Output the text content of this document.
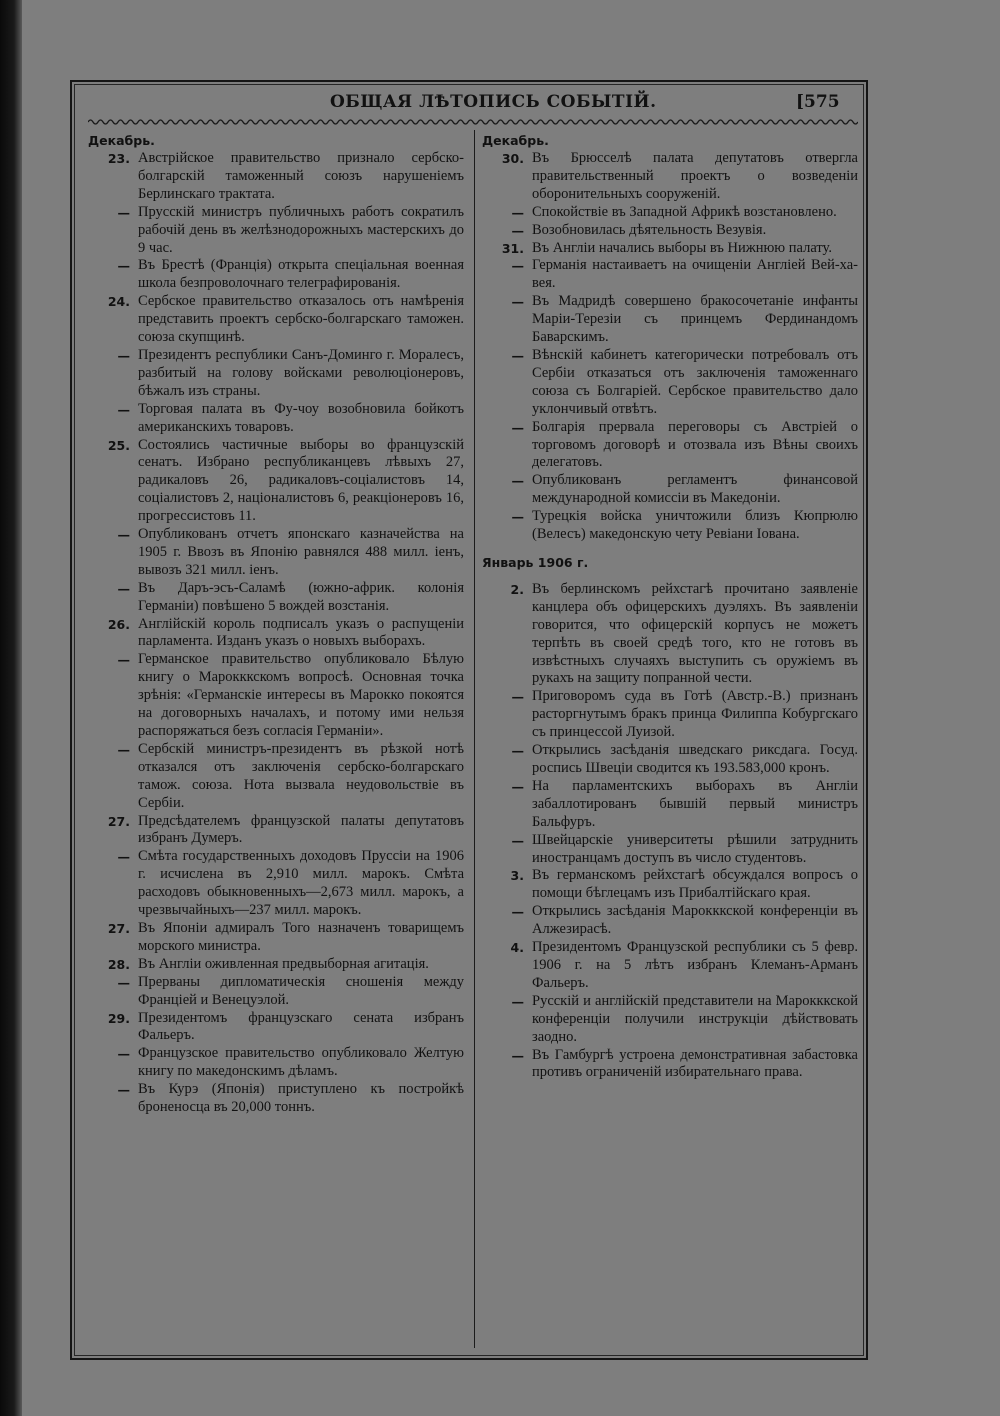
ОБЩАЯ ЛѢТОПИСЬ СОБЫТІЙ.	[575
Декабрь.
23. Австрійское правительство признало сербско-болгарскій таможенный союзъ нарушеніемъ Берлинскаго трактата.
— Прусскій министръ публичныхъ работъ сократилъ рабочій день въ желѣзнодорожныхъ мастерскихъ до 9 час.
— Въ Брестѣ (Франція) открыта спеціальная военная школа безпроволочнаго телеграфированія.
24. Сербское правительство отказалось отъ намѣренія представить проектъ сербско-болгарскаго таможен. союза скупщинѣ.
— Президентъ республики Санъ-Доминго г. Моралесъ, разбитый на голову войсками революціонеровъ, бѣжалъ изъ страны.
— Торговая палата въ Фу-чоу возобновила бойкотъ американскихъ товаровъ.
25. Состоялись частичные выборы во французскій сенатъ. Избрано республиканцевъ лѣвыхъ 27, радикаловъ 26, радикаловъ-соціалистовъ 14, соціалистовъ 2, націоналистовъ 6, реакціонеровъ 16, прогрессистовъ 11.
— Опубликованъ отчетъ японскаго казначейства на 1905 г. Ввозъ въ Японію равнялся 488 милл. іенъ, вывозъ 321 милл. іенъ.
— Въ Даръ-эсъ-Саламѣ (южно-африк. колонія Германіи) повѣшено 5 вождей возстанія.
26. Англійскій король подписалъ указъ о распущеніи парламента. Изданъ указъ о новыхъ выборахъ.
— Германское правительство опубликовало Бѣлую книгу о Марокккскомъ вопросѣ. Основная точка зрѣнія: «Германскіе интересы въ Марокко покоятся на договорныхъ началахъ, и потому ими нельзя распоряжаться безъ согласія Германіи».
— Сербскій министръ-президентъ въ рѣзкой нотѣ отказался отъ заключенія сербско-болгарскаго тамож. союза. Нота вызвала неудовольствіе въ Сербіи.
27. Предсѣдателемъ французской палаты депутатовъ избранъ Думеръ.
— Смѣта государственныхъ доходовъ Пруссіи на 1906 г. исчислена въ 2,910 милл. марокъ. Смѣта расходовъ обыкновенныхъ—2,673 милл. марокъ, а чрезвычайныхъ—237 милл. марокъ.
27. Въ Японіи адмиралъ Того назначенъ товарищемъ морского министра.
28. Въ Англіи оживленная предвыборная агитація.
— Прерваны дипломатическія сношенія между Франціей и Венецуэлой.
29. Президентомъ французскаго сената избранъ Фальеръ.
— Французское правительство опубликовало Желтую книгу по македонскимъ дѣламъ.
— Въ Курэ (Японія) приступлено къ постройкѣ броненосца въ 20,000 тоннъ.
Декабрь.
30. Въ Брюсселѣ палата депутатовъ отвергла правительственный проектъ о возведеніи оборонительныхъ сооруженій.
— Спокойствіе въ Западной Африкѣ возстановлено.
— Возобновилась дѣятельность Везувія.
31. Въ Англіи начались выборы въ Нижнюю палату.
— Германія настаиваетъ на очищеніи Англіей Вей-ха-вея.
— Въ Мадридѣ совершено бракосочетаніе инфанты Маріи-Терезіи съ принцемъ Фердинандомъ Баварскимъ.
— Вѣнскій кабинетъ категорически потребовалъ отъ Сербіи отказаться отъ заключенія таможеннаго союза съ Болгаріей. Сербское правительство дало уклончивый отвѣтъ.
— Болгарія прервала переговоры съ Австріей о торговомъ договорѣ и отозвала изъ Вѣны своихъ делегатовъ.
— Опубликованъ регламентъ финансовой международной комиссіи въ Македоніи.
— Турецкія войска уничтожили близъ Кюпрюлю (Велесъ) македонскую чету Ревіани Іована.
Январь 1906 г.
2. Въ берлинскомъ рейхстагѣ прочитано заявленіе канцлера объ офицерскихъ дуэляхъ. Въ заявленіи говорится, что офицерскій корпусъ не можетъ терпѣть въ своей средѣ того, кто не готовъ въ извѣстныхъ случаяхъ выступить съ оружіемъ въ рукахъ на защиту попранной чести.
— Приговоромъ суда въ Готѣ (Австр.-В.) признанъ расторгнутымъ бракъ принца Филиппа Кобургскаго съ принцессой Луизой.
— Открылись засѣданія шведскаго риксдага. Госуд. роспись Швеціи сводится къ 193.583,000 кронъ.
— На парламентскихъ выборахъ въ Англіи забаллотированъ бывшій первый министръ Бальфуръ.
— Швейцарскіе университеты рѣшили затруднить иностранцамъ доступъ въ число студентовъ.
3. Въ германскомъ рейхстагѣ обсуждался вопросъ о помощи бѣглецамъ изъ Прибалтійскаго края.
— Открылись засѣданія Марокккской конференціи въ Алжезирасѣ.
4. Президентомъ Французской республики съ 5 февр. 1906 г. на 5 лѣтъ избранъ Клеманъ-Арманъ Фальеръ.
— Русскій и англійскій представители на Марокккской конференціи получили инструкціи дѣйствовать заодно.
— Въ Гамбургѣ устроена демонстративная забастовка противъ ограниченій избирательнаго права.
